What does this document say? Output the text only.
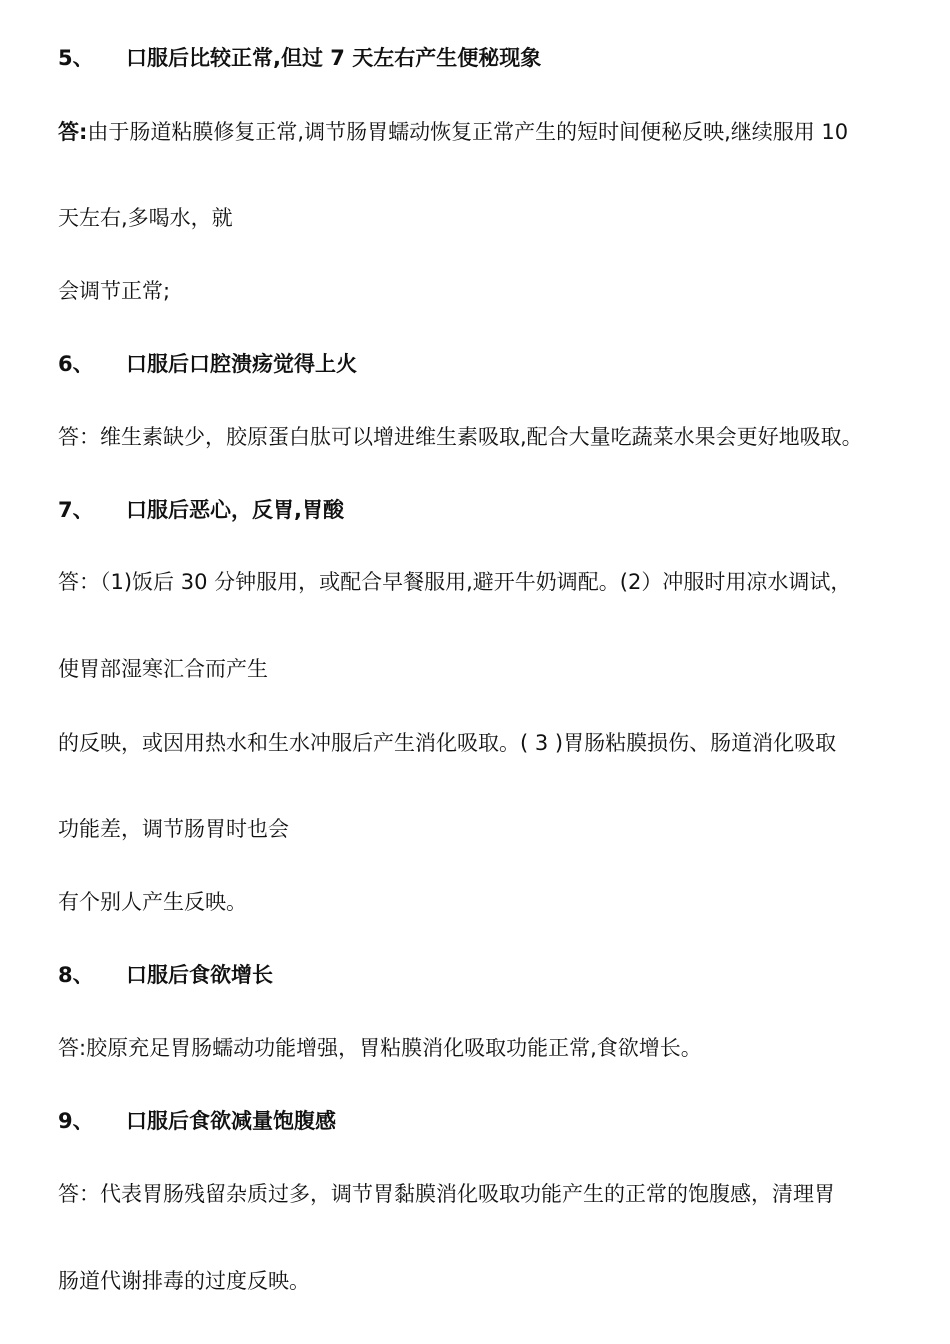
5、 口服后比较正常,但过 7 天左右产生便秘现象
答:由于肠道粘膜修复正常,调节肠胃蠕动恢复正常产生的短时间便秘反映,继续服用 10
天左右,多喝水，就
会调节正常;
6、 口服后口腔溃疡觉得上火
答：维生素缺少，胶原蛋白肽可以增进维生素吸取,配合大量吃蔬菜水果会更好地吸取。
7、 口服后恶心，反胃,胃酸
答：（1)饭后 30 分钟服用，或配合早餐服用,避开牛奶调配。(2）冲服时用凉水调试，
使胃部湿寒汇合而产生
的反映，或因用热水和生水冲服后产生消化吸取。( 3 )胃肠粘膜损伤、肠道消化吸取
功能差，调节肠胃时也会
有个别人产生反映。
8、 口服后食欲增长
答:胶原充足胃肠蠕动功能增强，胃粘膜消化吸取功能正常,食欲增长。
9、 口服后食欲减量饱腹感
答：代表胃肠残留杂质过多，调节胃黏膜消化吸取功能产生的正常的饱腹感，清理胃
肠道代谢排毒的过度反映。
